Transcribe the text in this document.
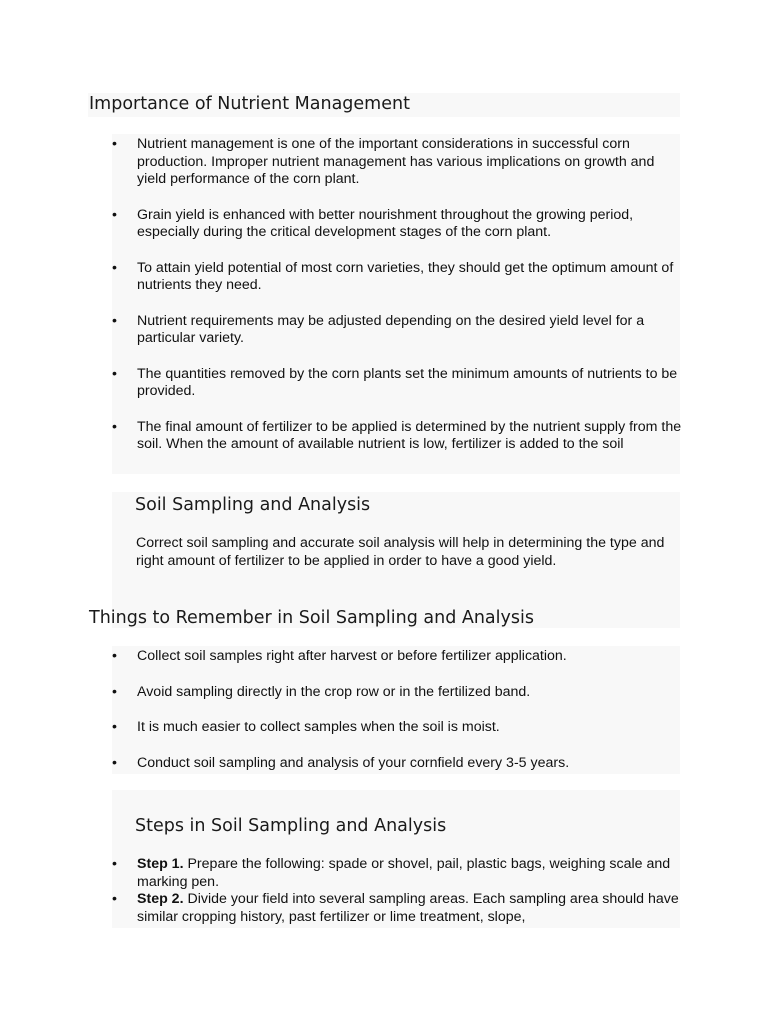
Importance of Nutrient Management
• Nutrient management is one of the important considerations in successful corn production. Improper nutrient management has various implications on growth and yield performance of the corn plant.
• Grain yield is enhanced with better nourishment throughout the growing period, especially during the critical development stages of the corn plant.
• To attain yield potential of most corn varieties, they should get the optimum amount of nutrients they need.
• Nutrient requirements may be adjusted depending on the desired yield level for a particular variety.
• The quantities removed by the corn plants set the minimum amounts of nutrients to be provided.
• The final amount of fertilizer to be applied is determined by the nutrient supply from the soil. When the amount of available nutrient is low, fertilizer is added to the soil
Soil Sampling and Analysis

Correct soil sampling and accurate soil analysis will help in determining the type and right amount of fertilizer to be applied in order to have a good yield.

Things to Remember in Soil Sampling and Analysis
• Collect soil samples right after harvest or before fertilizer application.
• Avoid sampling directly in the crop row or in the fertilized band.
• It is much easier to collect samples when the soil is moist.
• Conduct soil sampling and analysis of your cornfield every 3-5 years.
Steps in Soil Sampling and Analysis
• Step 1. Prepare the following: spade or shovel, pail, plastic bags, weighing scale and marking pen.
• Step 2. Divide your field into several sampling areas. Each sampling area should have similar cropping history, past fertilizer or lime treatment, slope,
